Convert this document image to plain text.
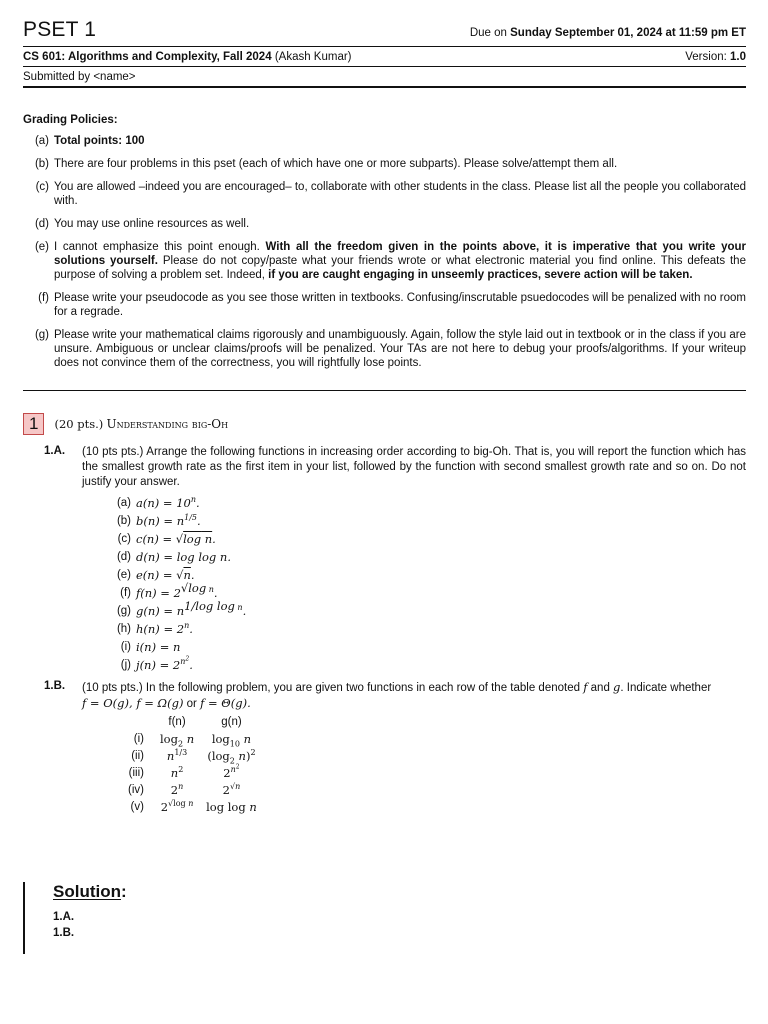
PSET 1	Due on Sunday September 01, 2024 at 11:59 pm ET
CS 601: Algorithms and Complexity, Fall 2024 (Akash Kumar)	Version: 1.0
Submitted by <name>
Grading Policies:
(a) Total points: 100
(b) There are four problems in this pset (each of which have one or more subparts). Please solve/attempt them all.
(c) You are allowed –indeed you are encouraged– to, collaborate with other students in the class. Please list all the people you collaborated with.
(d) You may use online resources as well.
(e) I cannot emphasize this point enough. With all the freedom given in the points above, it is imperative that you write your solutions yourself. Please do not copy/paste what your friends wrote or what electronic material you find online. This defeats the purpose of solving a problem set. Indeed, if you are caught engaging in unseemly practices, severe action will be taken.
(f) Please write your pseudocode as you see those written in textbooks. Confusing/inscrutable psuedocodes will be penalized with no room for a regrade.
(g) Please write your mathematical claims rigorously and unambiguously. Again, follow the style laid out in textbook or in the class if you are unsure. Ambiguous or unclear claims/proofs will be penalized. Your TAs are not here to debug your proofs/algorithms. If your writeup does not convince them of the correctness, you will rightfully lose points.
1	(20 pts.)
Understanding big-Oh
1.A.	(10 pts pts.) Arrange the following functions in increasing order according to big-Oh. That is, you will report the function which has the smallest growth rate as the first item in your list, followed by the function with second smallest growth rate and so on. Do not justify your answer.
(a) $a(n) = 10^n$.
(b) $b(n) = n^{1/5}$.
(c) c(n) = √log n.
(d) d(n) = log log n.
(e) e(n) = √n.
(f) $f(n) = 2^{√log n}$.
(g) $g(n) = n^{1/log log n}$.
(h) $h(n) = 2^n$.
(i) i(n) = n
(j) $j(n) = 2^{n^2}$.
1.B.	(10 pts pts.) In the following problem, you are given two functions in each row of the table denoted f and g. Indicate whether
f = O(g), f = Ω(g) or f = Θ(g).
	f(n)	g(n)
(i)	$\log_2 n$	$\log_{10} n$
(ii)	$n^{1/3}$	($\log_2$ n)$^2$
(iii)	$n^2$	$2^{n^2}$
(iv)	2$^n$	$2^{√n}$
(v)	$2^{√log n}$	log log n
Solution:
1.A.
1.B.
